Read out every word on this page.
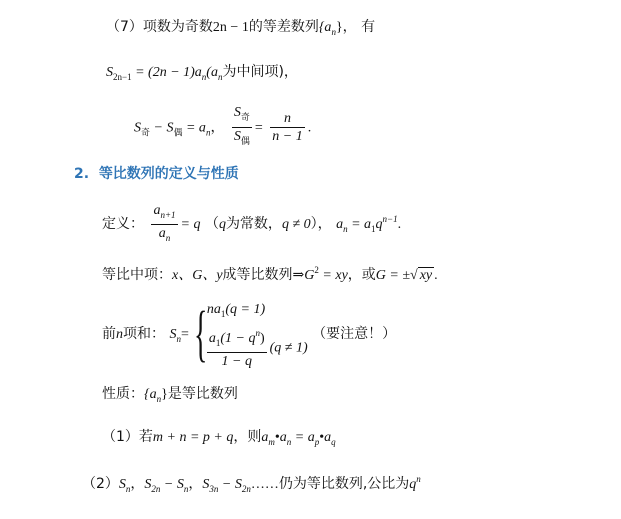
（7）项数为奇数2n − 1的等差数列$\{a_n\}$， 有
$S_{2n-1} = (2n - 1)a_n(a_n$为中间项)，
$S_奇 - S_偶 = a_n$， $\frac{S_奇}{S_偶} = \frac{n}{n - 1}$ .
2. 等比数列的定义与性质
定义： $\frac{a_{n+1}}{a_n} = q$ （q为常数，q ≠ 0）， $a_n = a_1q^{n-1}$.
等比中项：x、G、y成等比数列$\Rightarrow G^2$ = xy，或G = ±√ xy .
前n项和： $S_n=${ $na_1(q = 1)$
$\frac{a_1(1 - q^n)}{1 - q} (q \ne 1)$
（要注意！）
性质：$\{a_n\}$是等比数列
（1）若m + n = p + q，则$a_m•a_n$ = $a_p•a_q$
$(2)S_n$，$S_{2n} - S_n$，$S_{3n}$ − $S_{2n}\dots\dots$仍为等比数列,公比为$q^n$
